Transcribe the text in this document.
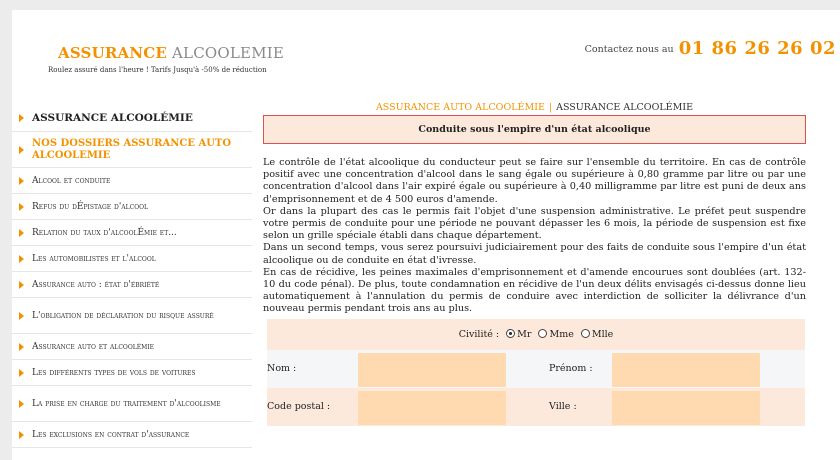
ASSURANCE ALCOOLEMIE
Roulez assuré dans l'heure ! Tarifs Jusqu'à -50% de réduction
Contactez nous au 01 86 26 26 02
ASSURANCE ALCOOLÉMIE
NOS DOSSIERS ASSURANCE AUTO ALCOOLEMIE
Alcool et conduite
Refus du dÉpistage d'alcool
Relation du taux d'alcoolÉmie et...
Les automobilistes et l'alcool
Assurance auto : état d'ébriété
L'obligation de déclaration du risque assuré
Assurance auto et alcoolémie
Les différents types de vols de voitures
La prise en charge du traitement d'alcoolisme
Les exclusions en contrat d'assurance
ASSURANCE AUTO ALCOOLÉMIE | ASSURANCE ALCOOLÉMIE
Conduite sous l'empire d'un état alcoolique

Le contrôle de l'état alcoolique du conducteur peut se faire sur l'ensemble du territoire. En cas de contrôle positif avec une concentration d'alcool dans le sang égale ou supérieure à 0,80 gramme par litre ou par une concentration d'alcool dans l'air expiré égale ou supérieure à 0,40 milligramme par litre est puni de deux ans d'emprisonnement et de 4 500 euros d'amende.

Or dans la plupart des cas le permis fait l'objet d'une suspension administrative. Le préfet peut suspendre votre permis de conduite pour une période ne pouvant dépasser les 6 mois, la période de suspension est fixe selon un grille spéciale établi dans chaque département.

Dans un second temps, vous serez poursuivi judiciairement pour des faits de conduite sous l'empire d'un état alcoolique ou de conduite en état d'ivresse.

En cas de récidive, les peines maximales d'emprisonnement et d'amende encourues sont doublées (art. 132-10 du code pénal). De plus, toute condamnation en récidive de l'un deux délits envisagés ci-dessus donne lieu automatiquement à l'annulation du permis de conduire avec interdiction de solliciter la délivrance d'un nouveau permis pendant trois ans au plus.

Civilité : Mr Mme Mlle
Nom :	Prénom :
Code postal :	Ville :
